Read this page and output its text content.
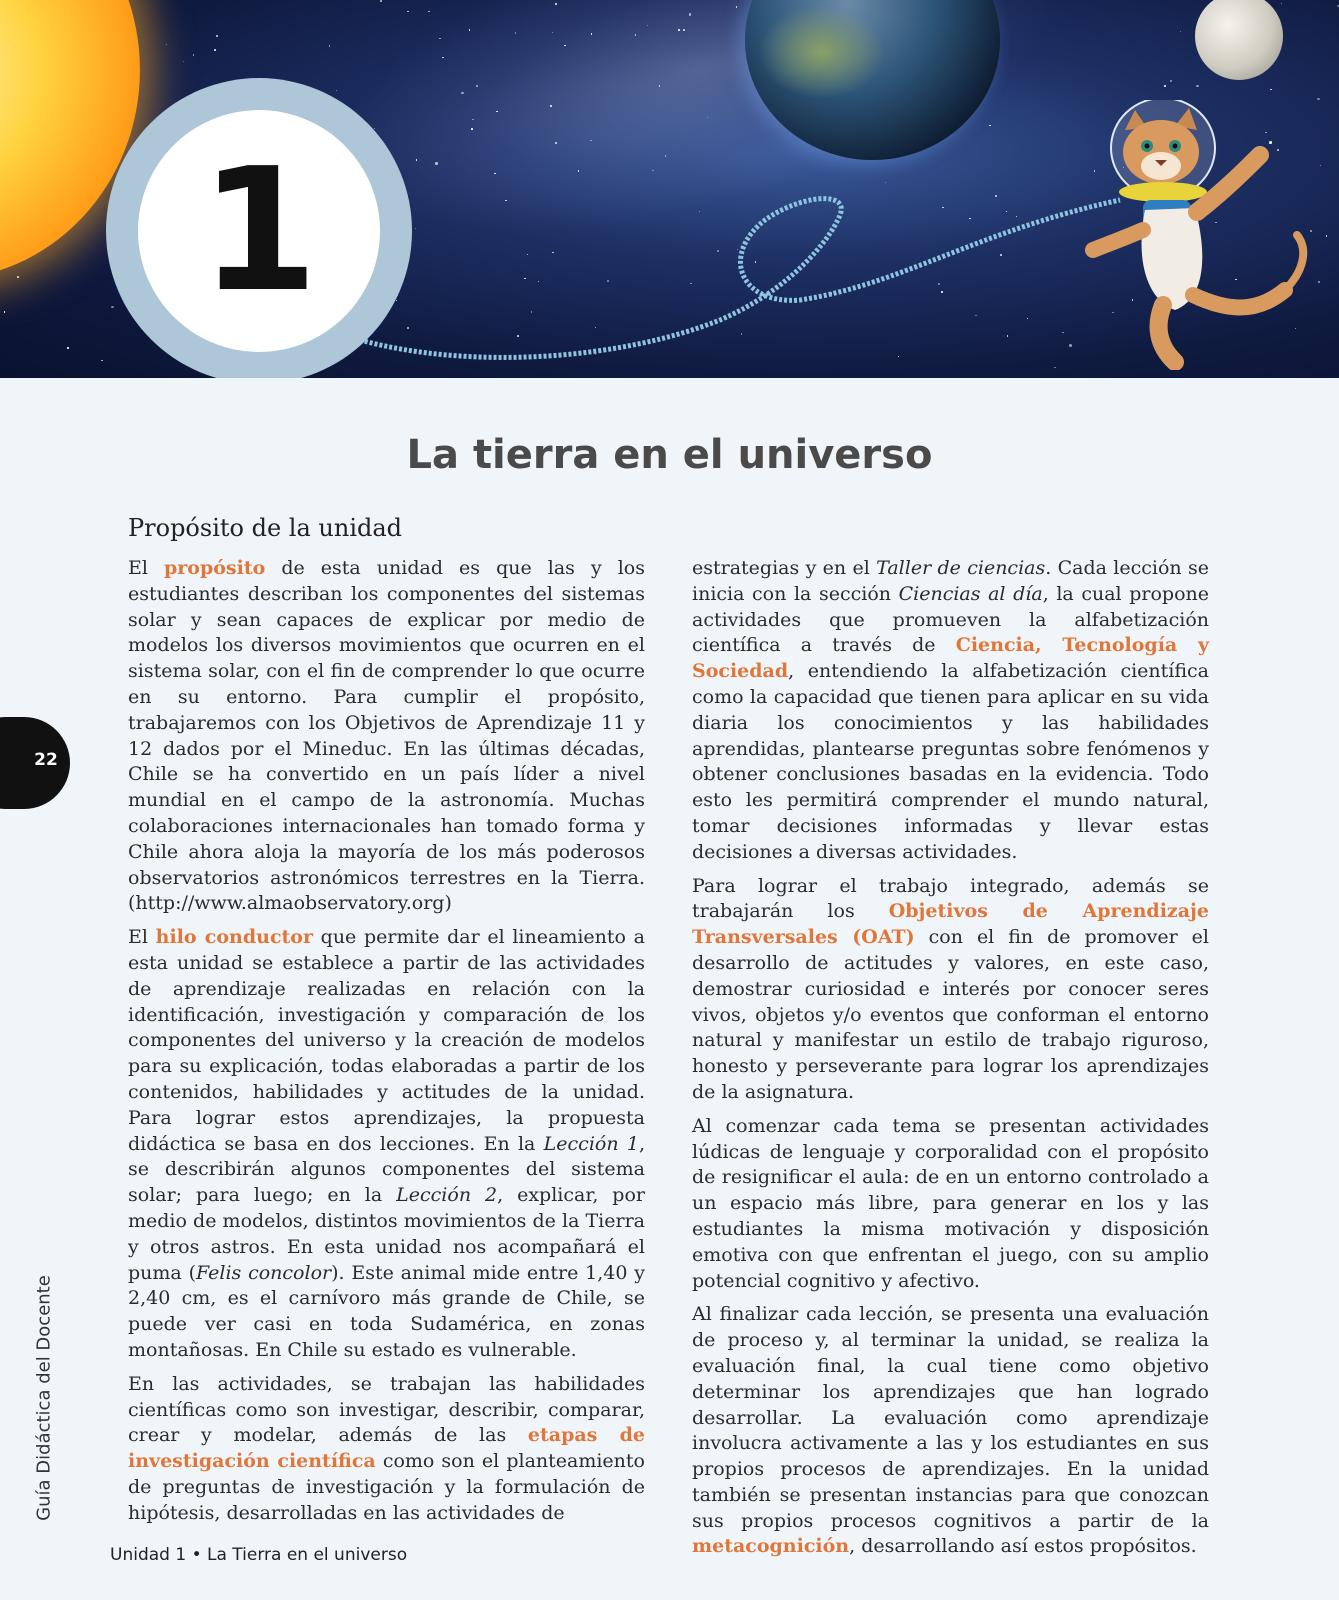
1
La tierra en el universo
Propósito de la unidad

El propósito de esta unidad es que las y los estudiantes describan los componentes del sistemas solar y sean capaces de explicar por medio de modelos los diversos movimientos que ocurren en el sistema solar, con el fin de comprender lo que ocurre en su entorno. Para cumplir el propósito, trabajaremos con los Objetivos de Aprendizaje 11 y 12 dados por el Mineduc. En las últimas décadas, Chile se ha convertido en un país líder a nivel mundial en el campo de la astronomía. Muchas colaboraciones internacionales han tomado forma y Chile ahora aloja la mayoría de los más poderosos observatorios astronómicos terrestres en la Tierra. (http://www.almaobservatory.org)

El hilo conductor que permite dar el lineamiento a esta unidad se establece a partir de las actividades de aprendizaje realizadas en relación con la identificación, investigación y comparación de los componentes del universo y la creación de modelos para su explicación, todas elaboradas a partir de los contenidos, habilidades y actitudes de la unidad. Para lograr estos aprendizajes, la propuesta didáctica se basa en dos lecciones. En la Lección 1, se describirán algunos componentes del sistema solar; para luego; en la Lección 2, explicar, por medio de modelos, distintos movimientos de la Tierra y otros astros. En esta unidad nos acompañará el puma (Felis concolor). Este animal mide entre 1,40 y 2,40 cm, es el carnívoro más grande de Chile, se puede ver casi en toda Sudamérica, en zonas montañosas. En Chile su estado es vulnerable.

En las actividades, se trabajan las habilidades científicas como son investigar, describir, comparar, crear y modelar, además de las etapas de investigación científica como son el planteamiento de preguntas de investigación y la formulación de hipótesis, desarrolladas en las actividades de

estrategias y en el Taller de ciencias. Cada lección se inicia con la sección Ciencias al día, la cual propone actividades que promueven la alfabetización científica a través de Ciencia, Tecnología y Sociedad, entendiendo la alfabetización científica como la capacidad que tienen para aplicar en su vida diaria los conocimientos y las habilidades aprendidas, plantearse preguntas sobre fenómenos y obtener conclusiones basadas en la evidencia. Todo esto les permitirá comprender el mundo natural, tomar decisiones informadas y llevar estas decisiones a diversas actividades.

Para lograr el trabajo integrado, además se trabajarán los Objetivos de Aprendizaje Transversales (OAT) con el fin de promover el desarrollo de actitudes y valores, en este caso, demostrar curiosidad e interés por conocer seres vivos, objetos y/o eventos que conforman el entorno natural y manifestar un estilo de trabajo riguroso, honesto y perseverante para lograr los aprendizajes de la asignatura.

Al comenzar cada tema se presentan actividades lúdicas de lenguaje y corporalidad con el propósito de resignificar el aula: de en un entorno controlado a un espacio más libre, para generar en los y las estudiantes la misma motivación y disposición emotiva con que enfrentan el juego, con su amplio potencial cognitivo y afectivo.

Al finalizar cada lección, se presenta una evaluación de proceso y, al terminar la unidad, se realiza la evaluación final, la cual tiene como objetivo determinar los aprendizajes que han logrado desarrollar. La evaluación como aprendizaje involucra activamente a las y los estudiantes en sus propios procesos de aprendizajes. En la unidad también se presentan instancias para que conozcan sus propios procesos cognitivos a partir de la metacognición, desarrollando así estos propósitos.

22
Guía Didáctica del Docente
Unidad 1 • La Tierra en el universo
